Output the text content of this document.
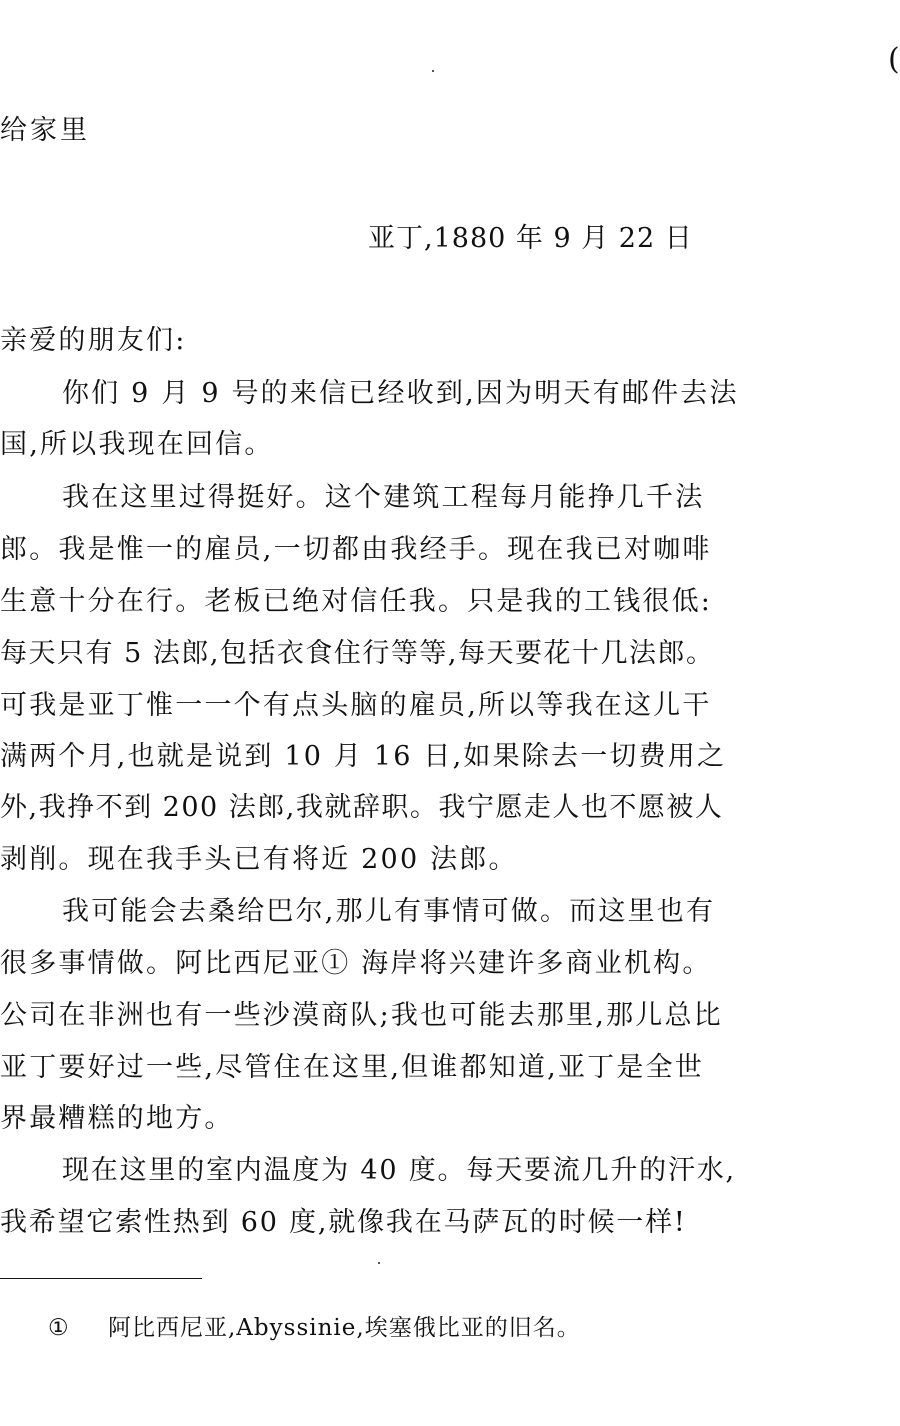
(
给家里
亚丁,1880 年 9 月 22 日
亲爱的朋友们:
你们 9 月 9 号的来信已经收到,因为明天有邮件去法
国,所以我现在回信。
我在这里过得挺好。这个建筑工程每月能挣几千法
郎。我是惟一的雇员,一切都由我经手。现在我已对咖啡
生意十分在行。老板已绝对信任我。只是我的工钱很低:
每天只有 5 法郎,包括衣食住行等等,每天要花十几法郎。
可我是亚丁惟一一个有点头脑的雇员,所以等我在这儿干
满两个月,也就是说到 10 月 16 日,如果除去一切费用之
外,我挣不到 200 法郎,我就辞职。我宁愿走人也不愿被人
剥削。现在我手头已有将近 200 法郎。
我可能会去桑给巴尔,那儿有事情可做。而这里也有
很多事情做。阿比西尼亚① 海岸将兴建许多商业机构。
公司在非洲也有一些沙漠商队;我也可能去那里,那儿总比
亚丁要好过一些,尽管住在这里,但谁都知道,亚丁是全世
界最糟糕的地方。
现在这里的室内温度为 40 度。每天要流几升的汗水,
我希望它索性热到 60 度,就像我在马萨瓦的时候一样!
① 阿比西尼亚,Abyssinie,埃塞俄比亚的旧名。
